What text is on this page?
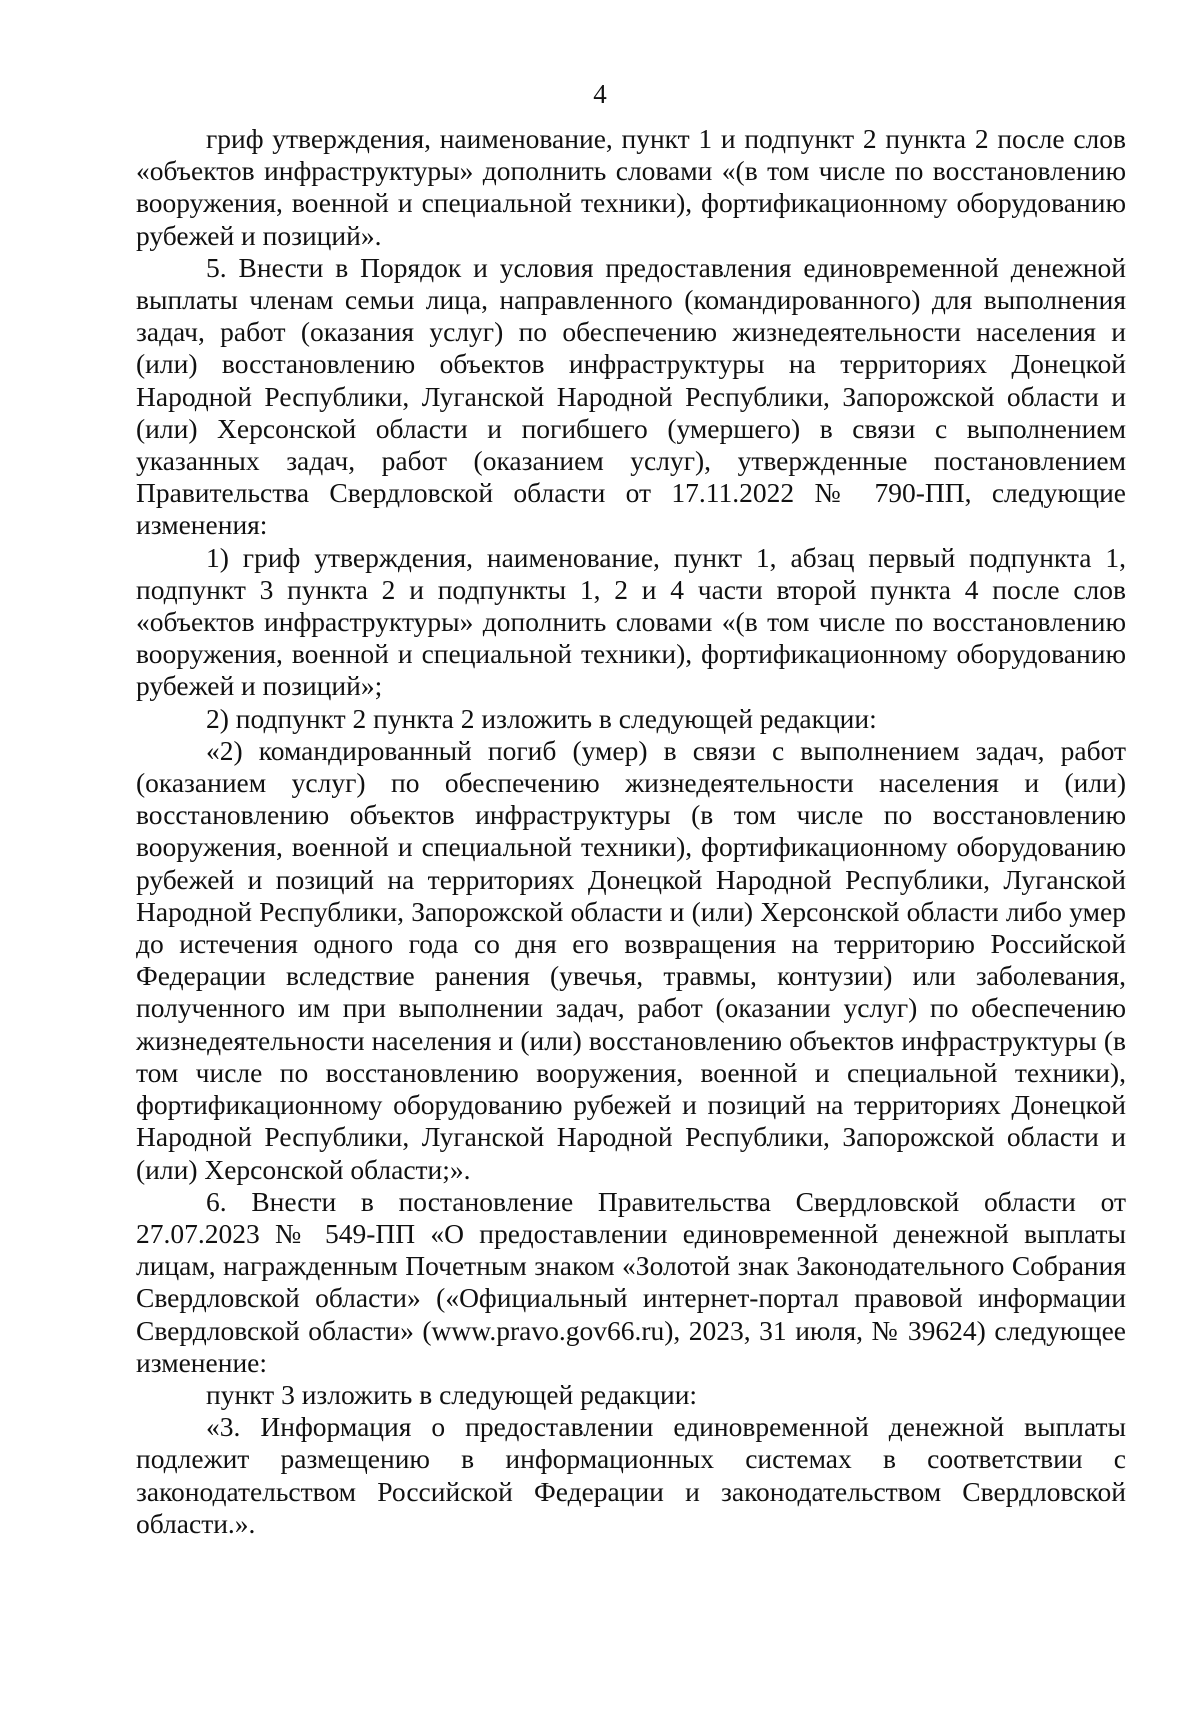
4

гриф утверждения, наименование, пункт 1 и подпункт 2 пункта 2 после слов «объектов инфраструктуры» дополнить словами «(в том числе по восстановлению вооружения, военной и специальной техники), фортификационному оборудованию рубежей и позиций».

5. Внести в Порядок и условия предоставления единовременной денежной выплаты членам семьи лица, направленного (командированного) для выполнения задач, работ (оказания услуг) по обеспечению жизнедеятельности населения и (или) восстановлению объектов инфраструктуры на территориях Донецкой Народной Республики, Луганской Народной Республики, Запорожской области и (или) Херсонской области и погибшего (умершего) в связи с выполнением указанных задач, работ (оказанием услуг), утвержденные постановлением Правительства Свердловской области от 17.11.2022 № 790-ПП, следующие изменения:

1) гриф утверждения, наименование, пункт 1, абзац первый подпункта 1, подпункт 3 пункта 2 и подпункты 1, 2 и 4 части второй пункта 4 после слов «объектов инфраструктуры» дополнить словами «(в том числе по восстановлению вооружения, военной и специальной техники), фортификационному оборудованию рубежей и позиций»;

2) подпункт 2 пункта 2 изложить в следующей редакции:

«2) командированный погиб (умер) в связи с выполнением задач, работ (оказанием услуг) по обеспечению жизнедеятельности населения и (или) восстановлению объектов инфраструктуры (в том числе по восстановлению вооружения, военной и специальной техники), фортификационному оборудованию рубежей и позиций на территориях Донецкой Народной Республики, Луганской Народной Республики, Запорожской области и (или) Херсонской области либо умер до истечения одного года со дня его возвращения на территорию Российской Федерации вследствие ранения (увечья, травмы, контузии) или заболевания, полученного им при выполнении задач, работ (оказании услуг) по обеспечению жизнедеятельности населения и (или) восстановлению объектов инфраструктуры (в том числе по восстановлению вооружения, военной и специальной техники), фортификационному оборудованию рубежей и позиций на территориях Донецкой Народной Республики, Луганской Народной Республики, Запорожской области и (или) Херсонской области;».

6. Внести в постановление Правительства Свердловской области от 27.07.2023 № 549-ПП «О предоставлении единовременной денежной выплаты лицам, награжденным Почетным знаком «Золотой знак Законодательного Собрания Свердловской области» («Официальный интернет-портал правовой информации Свердловской области» (www.pravo.gov66.ru), 2023, 31 июля, № 39624) следующее изменение:

пункт 3 изложить в следующей редакции:

«3. Информация о предоставлении единовременной денежной выплаты подлежит размещению в информационных системах в соответствии с законодательством Российской Федерации и законодательством Свердловской области.».
